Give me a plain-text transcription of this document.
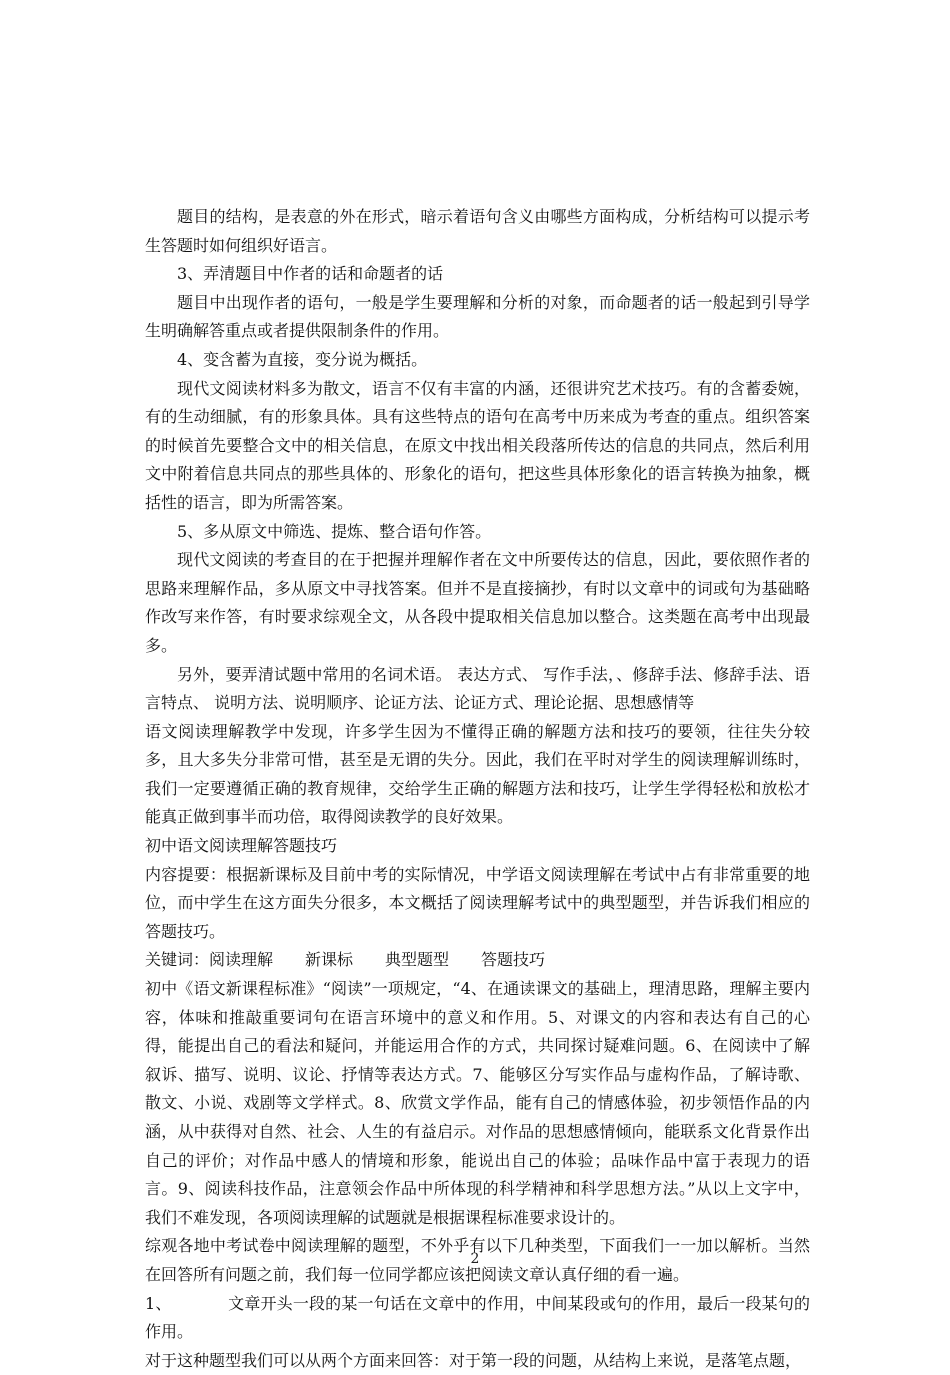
题目的结构，是表意的外在形式，暗示着语句含义由哪些方面构成，分析结构可以提示考生答题时如何组织好语言。

3、弄清题目中作者的话和命题者的话

题目中出现作者的语句，一般是学生要理解和分析的对象，而命题者的话一般起到引导学生明确解答重点或者提供限制条件的作用。

4、变含蓄为直接，变分说为概括。

现代文阅读材料多为散文，语言不仅有丰富的内涵，还很讲究艺术技巧。有的含蓄委婉，有的生动细腻，有的形象具体。具有这些特点的语句在高考中历来成为考查的重点。组织答案的时候首先要整合文中的相关信息，在原文中找出相关段落所传达的信息的共同点，然后利用文中附着信息共同点的那些具体的、形象化的语句，把这些具体形象化的语言转换为抽象，概括性的语言，即为所需答案。

5、多从原文中筛选、提炼、整合语句作答。

现代文阅读的考查目的在于把握并理解作者在文中所要传达的信息，因此，要依照作者的思路来理解作品，多从原文中寻找答案。但并不是直接摘抄，有时以文章中的词或句为基础略作改写来作答，有时要求综观全文，从各段中提取相关信息加以整合。这类题在高考中出现最多。

另外，要弄清试题中常用的名词术语。 表达方式、 写作手法，、修辞手法、修辞手法、语言特点、 说明方法、说明顺序、论证方法、论证方式、理论论据、思想感情等

语文阅读理解教学中发现，许多学生因为不懂得正确的解题方法和技巧的要领，往往失分较多，且大多失分非常可惜，甚至是无谓的失分。因此，我们在平时对学生的阅读理解训练时，我们一定要遵循正确的教育规律，交给学生正确的解题方法和技巧，让学生学得轻松和放松才能真正做到事半而功倍，取得阅读教学的良好效果。

初中语文阅读理解答题技巧

内容提要：根据新课标及目前中考的实际情况，中学语文阅读理解在考试中占有非常重要的地位，而中学生在这方面失分很多，本文概括了阅读理解考试中的典型题型，并告诉我们相应的答题技巧。

关键词：阅读理解　　新课标　　典型题型　　答题技巧

初中《语文新课程标准》“阅读”一项规定，“4、在通读课文的基础上，理清思路，理解主要内容，体味和推敲重要词句在语言环境中的意义和作用。5、对课文的内容和表达有自己的心得，能提出自己的看法和疑问，并能运用合作的方式，共同探讨疑难问题。6、在阅读中了解叙诉、描写、说明、议论、抒情等表达方式。7、能够区分写实作品与虚构作品，了解诗歌、散文、小说、戏剧等文学样式。8、欣赏文学作品，能有自己的情感体验，初步领悟作品的内涵，从中获得对自然、社会、人生的有益启示。对作品的思想感情倾向，能联系文化背景作出自己的评价；对作品中感人的情境和形象，能说出自己的体验；品味作品中富于表现力的语言。9、阅读科技作品，注意领会作品中所体现的科学精神和科学思想方法。”从以上文字中，我们不难发现，各项阅读理解的试题就是根据课程标准要求设计的。

综观各地中考试卷中阅读理解的题型，不外乎有以下几种类型，下面我们一一加以解析。当然在回答所有问题之前，我们每一位同学都应该把阅读文章认真仔细的看一遍。

1、　　　　文章开头一段的某一句话在文章中的作用，中间某段或句的作用，最后一段某句的作用。

对于这种题型我们可以从两个方面来回答：对于第一段的问题，从结构上来说，是落笔点题，

2
